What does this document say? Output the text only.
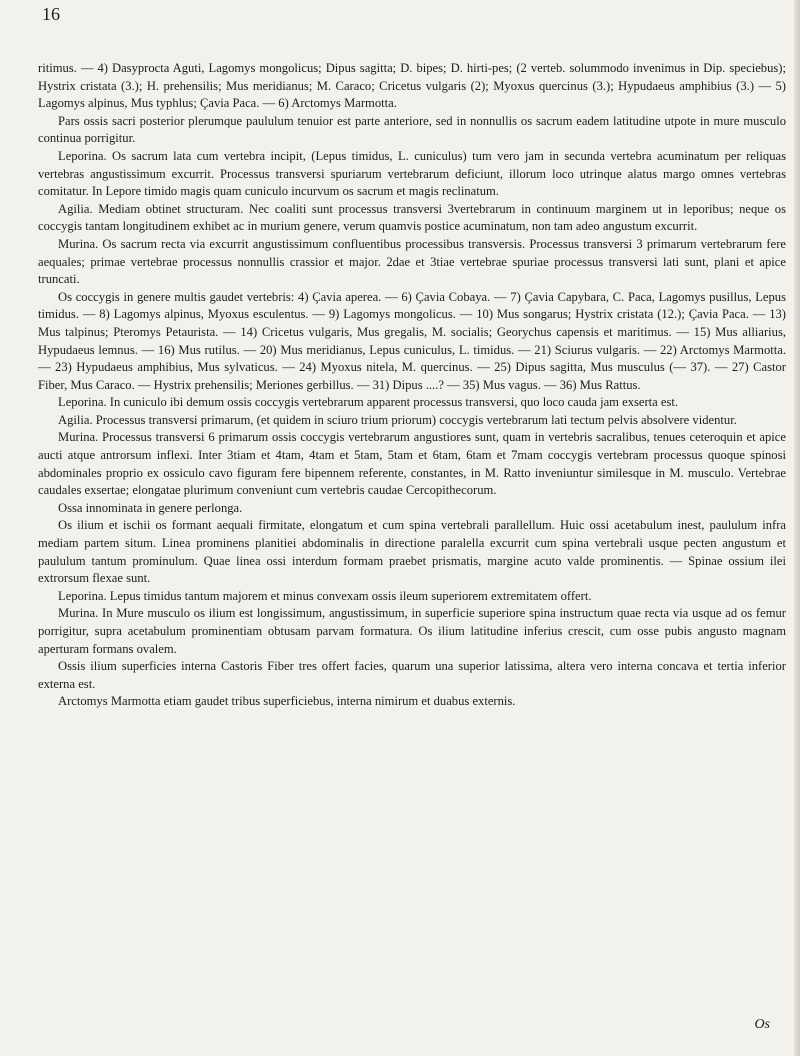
16

ritimus. — 4) Dasyprocta Aguti, Lagomys mongolicus; Dipus sagitta; D. bipes; D. hirti-pes; (2 verteb. solummodo invenimus in Dip. speciebus); Hystrix cristata (3.); H. prehensilis; Mus meridianus; M. Caraco; Cricetus vulgaris (2); Myoxus quercinus (3.); Hypudaeus amphibius (3.) — 5) Lagomys alpinus, Mus typhlus; Çavia Paca. — 6) Arctomys Marmotta.

Pars ossis sacri posterior plerumque paululum tenuior est parte anteriore, sed in nonnullis os sacrum eadem latitudine utpote in mure musculo continua porrigitur.

Leporina. Os sacrum lata cum vertebra incipit, (Lepus timidus, L. cuniculus) tum vero jam in secunda vertebra acuminatum per reliquas vertebras angustissimum excurrit. Processus transversi spuriarum vertebrarum deficiunt, illorum loco utrinque alatus margo omnes vertebras comitatur. In Lepore timido magis quam cuniculo incurvum os sacrum et magis reclinatum.

Agilia. Mediam obtinet structuram. Nec coaliti sunt processus transversi 3vertebrarum in continuum marginem ut in leporibus; neque os coccygis tantam longitudinem exhibet ac in murium genere, verum quamvis postice acuminatum, non tam adeo angustum excurrit.

Murina. Os sacrum recta via excurrit angustissimum confluentibus processibus transversis. Processus transversi 3 primarum vertebrarum fere aequales; primae vertebrae processus nonnullis crassior et major. 2dae et 3tiae vertebrae spuriae processus transversi lati sunt, plani et apice truncati.

Os coccygis in genere multis gaudet vertebris: 4) Çavia aperea. — 6) Çavia Cobaya. — 7) Çavia Capybara, C. Paca, Lagomys pusillus, Lepus timidus. — 8) Lagomys alpinus, Myoxus esculentus. — 9) Lagomys mongolicus. — 10) Mus songarus; Hystrix cristata (12.); Çavia Paca. — 13) Mus talpinus; Pteromys Petaurista. — 14) Cricetus vulgaris, Mus gregalis, M. socialis; Georychus capensis et maritimus. — 15) Mus alliarius, Hypudaeus lemnus. — 16) Mus rutilus. — 20) Mus meridianus, Lepus cuniculus, L. timidus. — 21) Sciurus vulgaris. — 22) Arctomys Marmotta. — 23) Hypudaeus amphibius, Mus sylvaticus. — 24) Myoxus nitela, M. quercinus. — 25) Dipus sagitta, Mus musculus (— 37). — 27) Castor Fiber, Mus Caraco. — Hystrix prehensilis; Meriones gerbillus. — 31) Dipus ....? — 35) Mus vagus. — 36) Mus Rattus.

Leporina. In cuniculo ibi demum ossis coccygis vertebrarum apparent processus transversi, quo loco cauda jam exserta est.

Agilia. Processus transversi primarum, (et quidem in sciuro trium priorum) coccygis vertebrarum lati tectum pelvis absolvere videntur.

Murina. Processus transversi 6 primarum ossis coccygis vertebrarum angustiores sunt, quam in vertebris sacralibus, tenues ceteroquin et apice aucti atque antrorsum inflexi. Inter 3tiam et 4tam, 4tam et 5tam, 5tam et 6tam, 6tam et 7mam coccygis vertebram processus quoque spinosi abdominales proprio ex ossiculo cavo figuram fere bipennem referente, constantes, in M. Ratto inveniuntur similesque in M. musculo. Vertebrae caudales exsertae; elongatae plurimum conveniunt cum vertebris caudae Cercopithecorum.

Ossa innominata in genere perlonga.

Os ilium et ischii os formant aequali firmitate, elongatum et cum spina vertebrali parallellum. Huic ossi acetabulum inest, paululum infra mediam partem situm. Linea prominens planitiei abdominalis in directione paralella excurrit cum spina vertebrali usque pecten angustum et paululum tantum prominulum. Quae linea ossi interdum formam praebet prismatis, margine acuto valde prominentis. — Spinae ossium ilei extrorsum flexae sunt.

Leporina. Lepus timidus tantum majorem et minus convexam ossis ileum superiorem extremitatem offert.

Murina. In Mure musculo os ilium est longissimum, angustissimum, in superficie superiore spina instructum quae recta via usque ad os femur porrigitur, supra acetabulum prominentiam obtusam parvam formatura. Os ilium latitudine inferius crescit, cum osse pubis angusto magnam aperturam formans ovalem.

Ossis ilium superficies interna Castoris Fiber tres offert facies, quarum una superior latissima, altera vero interna concava et tertia inferior externa est.

Arctomys Marmotta etiam gaudet tribus superficiebus, interna nimirum et duabus externis.

Os
